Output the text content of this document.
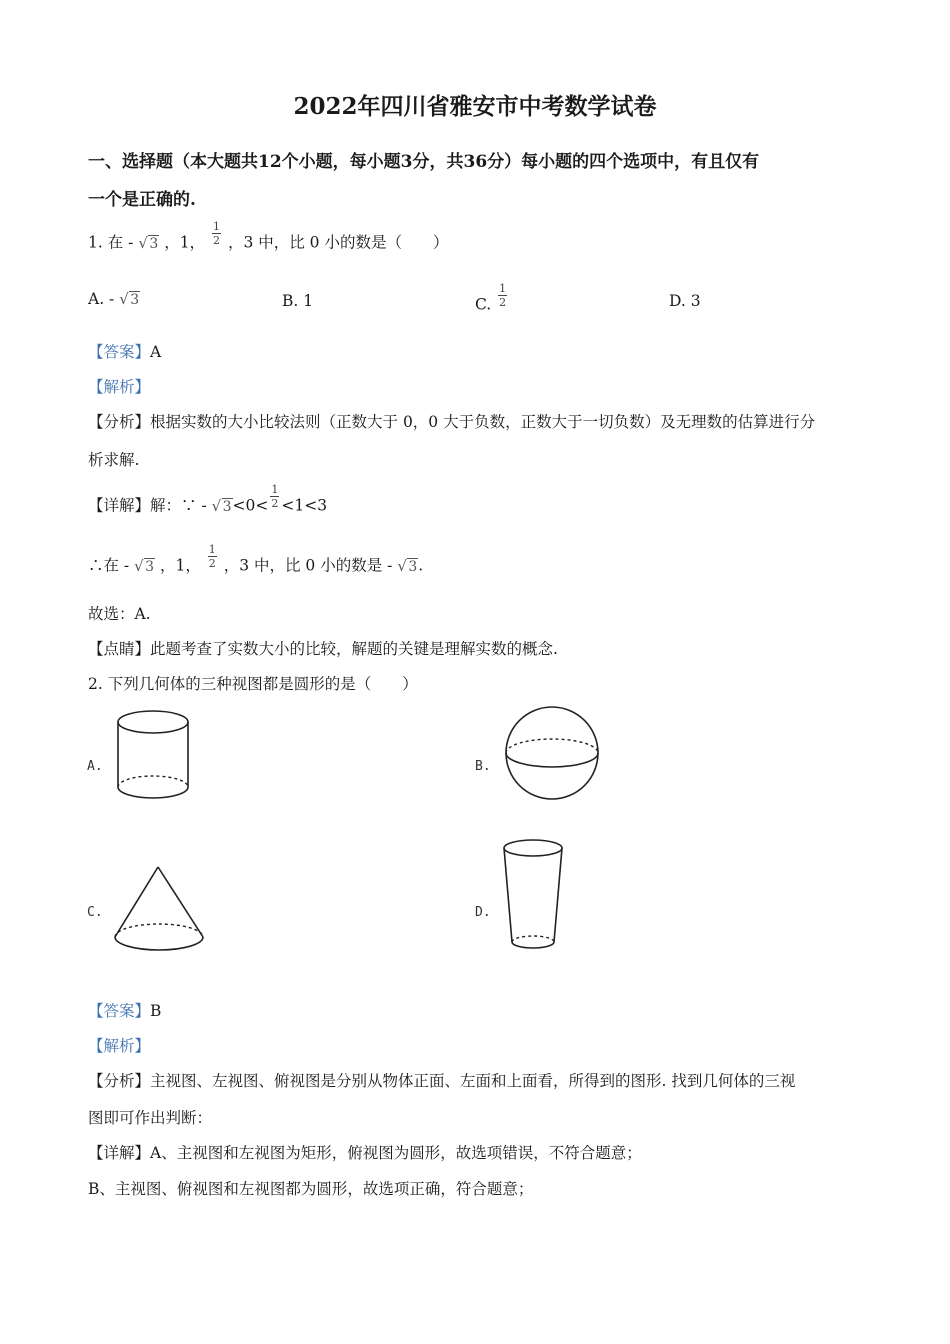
2022年四川省雅安市中考数学试卷
一、选择题（本大题共12个小题，每小题3分，共36分）每小题的四个选项中，有且仅有
一个是正确的.
1. 在 - √ 3 ，1， $\frac{1}{2}$ ，3 中，比 0 小的数是（　　）
A. - √ 3	B. 1	C. $\frac{1}{2}$	D. 3
【答案】A
【解析】
【分析】根据实数的大小比较法则（正数大于 0，0 大于负数，正数大于一切负数）及无理数的估算进行分
析求解.
【详解】解：∵ - √ $3<0< \frac{1}{2} <1<3$
∴在 - √ 3 ，1， $\frac{1}{2}$ ，3 中，比 0 小的数是 - √ 3.
故选：A.
【点睛】此题考查了实数大小的比较，解题的关键是理解实数的概念.
2. 下列几何体的三种视图都是圆形的是（　　）
A.	B.
C.	D.
【答案】B
【解析】
【分析】主视图、左视图、俯视图是分别从物体正面、左面和上面看，所得到的图形. 找到几何体的三视
图即可作出判断：
【详解】A、主视图和左视图为矩形，俯视图为圆形，故选项错误，不符合题意；
B、主视图、俯视图和左视图都为圆形，故选项正确，符合题意；
